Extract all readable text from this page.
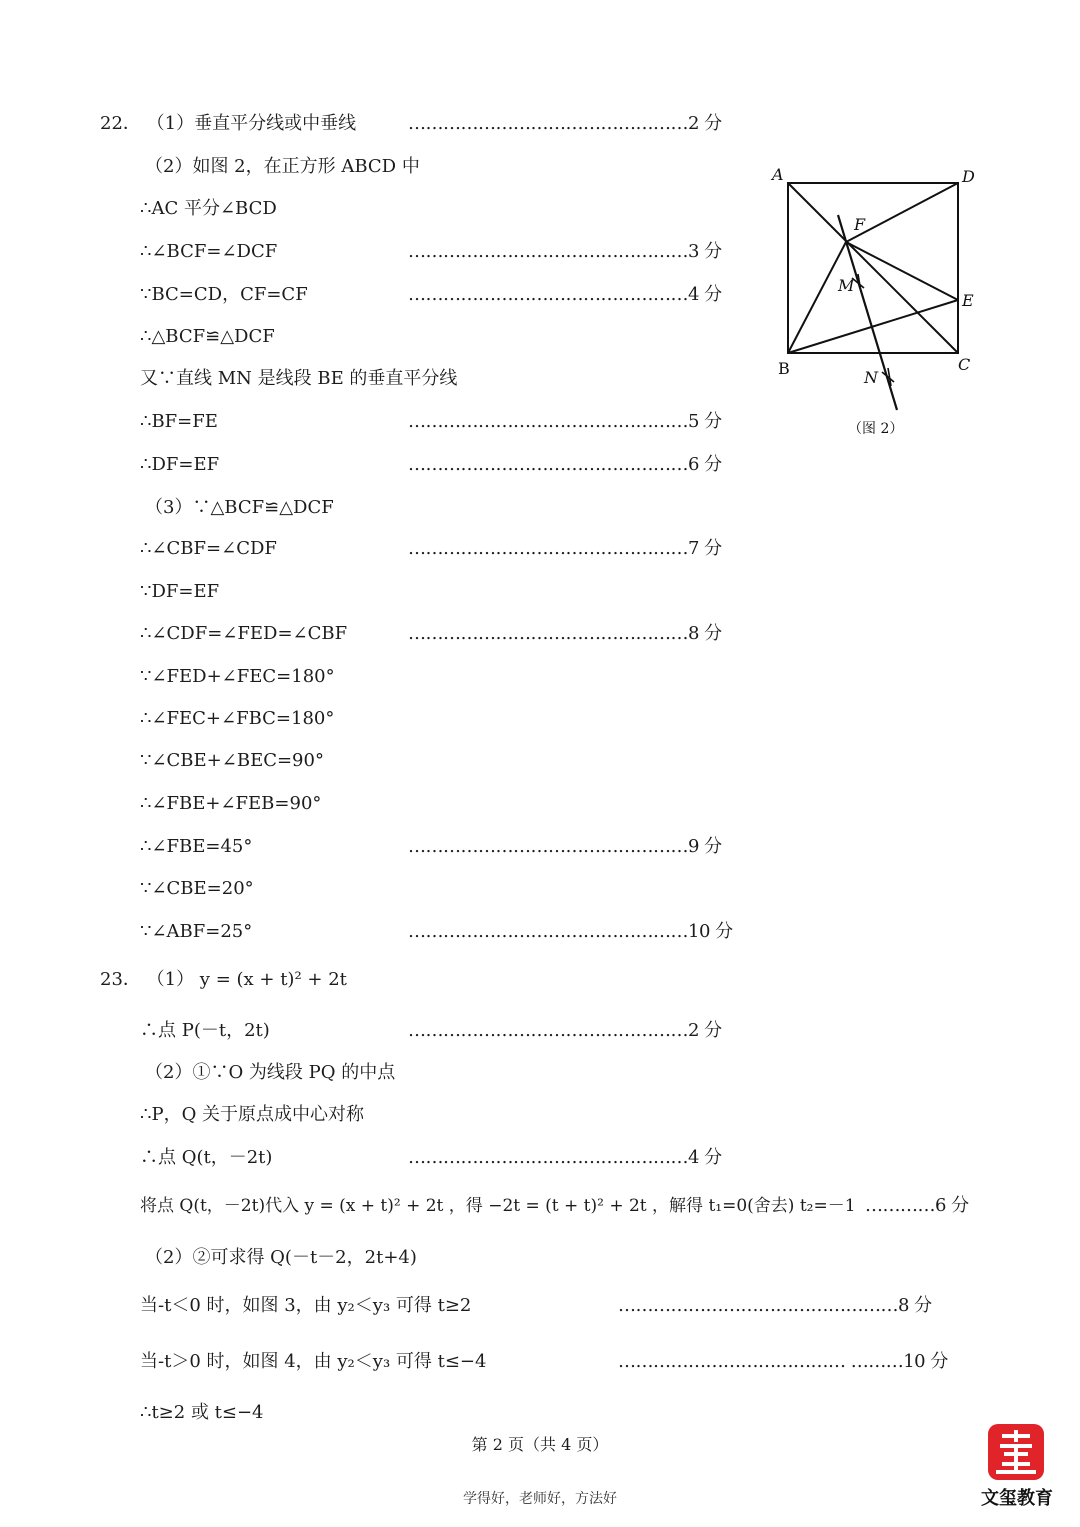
22． （1）垂直平分线或中垂线	…………………………………………2 分
（2）如图 2，在正方形 ABCD 中
∴AC 平分∠BCD
∴∠BCF=∠DCF	…………………………………………3 分
∵BC=CD，CF=CF	…………………………………………4 分
∴△BCF≌△DCF
又∵直线 MN 是线段 BE 的垂直平分线
∴BF=FE	…………………………………………5 分
∴DF=EF	…………………………………………6 分
（3）∵△BCF≌△DCF
∴∠CBF=∠CDF	…………………………………………7 分
∵DF=EF
∴∠CDF=∠FED=∠CBF	…………………………………………8 分
∵∠FED+∠FEC=180°
∴∠FEC+∠FBC=180°
∵∠CBE+∠BEC=90°
∴∠FBE+∠FEB=90°
∴∠FBE=45°	…………………………………………9 分
∵∠CBE=20°
∵∠ABF=25°	…………………………………………10 分
23． （1） y = (x + t)² + 2t
∴点 P(－t，2t)	…………………………………………2 分
（2）①∵O 为线段 PQ 的中点
∴P，Q 关于原点成中心对称
∴点 Q(t，－2t)	…………………………………………4 分
将点 Q(t，－2t)代入 y = (x + t)² + 2t ，得 −2t = (t + t)² + 2t ，解得 t₁=0(舍去) t₂=－1 …………6 分
（2）②可求得 Q(－t－2，2t+4)
当-t＜0 时，如图 3，由 y₂＜y₃ 可得 t≥2	…………………………………………8 分
当-t＞0 时，如图 4，由 y₂＜y₃ 可得 t≤−4	………………………………… ………10 分
∴t≥2 或 t≤−4
A	D
F
M
E
B	C
N
（图 2）
第 2 页（共 4 页）
学得好，老师好，方法好	文玺教育
